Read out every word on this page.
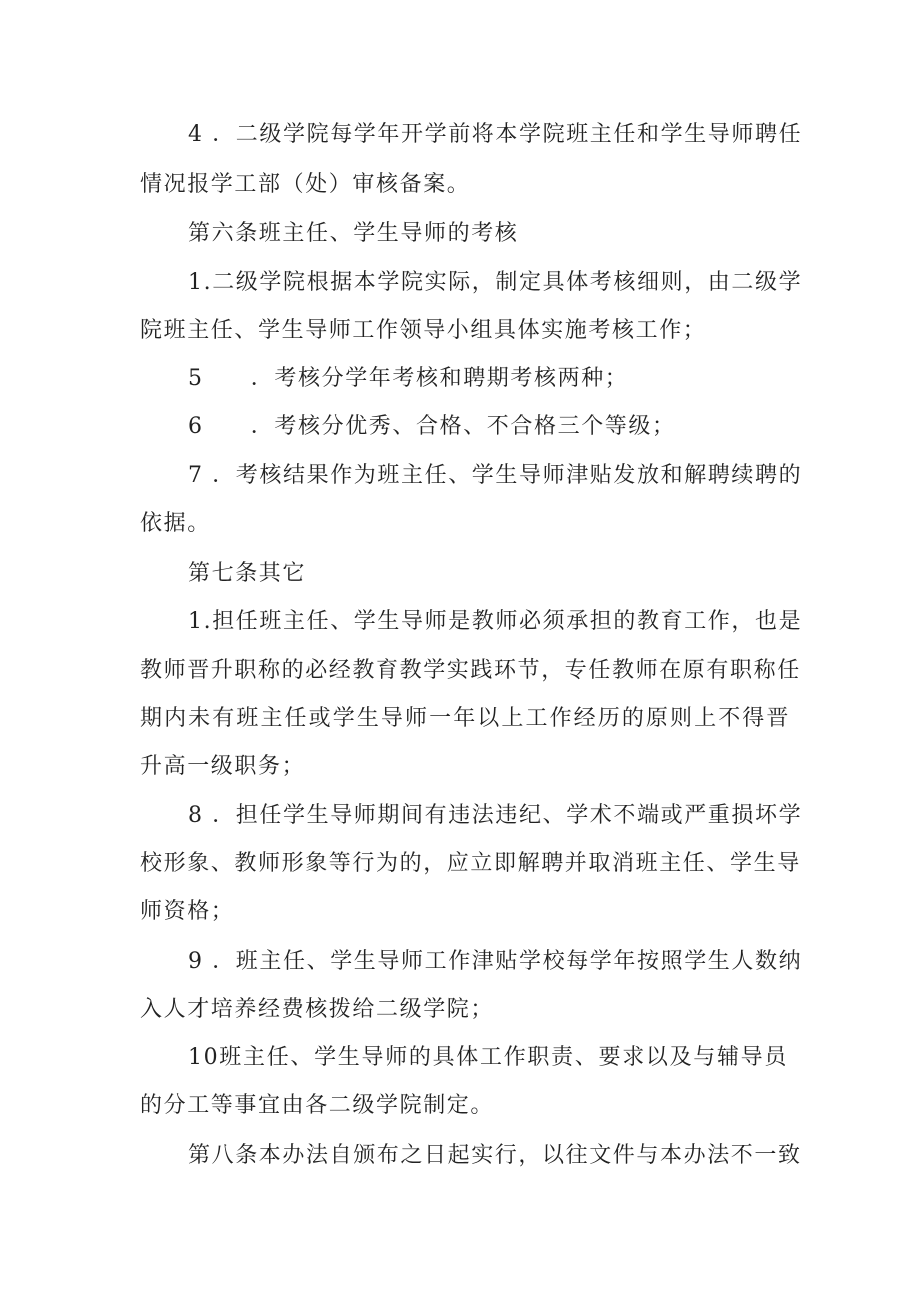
4 ．二级学院每学年开学前将本学院班主任和学生导师聘任
情况报学工部（处）审核备案。
第六条班主任、学生导师的考核
1.二级学院根据本学院实际，制定具体考核细则，由二级学
院班主任、学生导师工作领导小组具体实施考核工作；
5　　．考核分学年考核和聘期考核两种；
6　　．考核分优秀、合格、不合格三个等级；
7 ．考核结果作为班主任、学生导师津贴发放和解聘续聘的
依据。
第七条其它
1.担任班主任、学生导师是教师必须承担的教育工作，也是
教师晋升职称的必经教育教学实践环节，专任教师在原有职称任
期内未有班主任或学生导师一年以上工作经历的原则上不得晋
升高一级职务；
8 ．担任学生导师期间有违法违纪、学术不端或严重损坏学
校形象、教师形象等行为的，应立即解聘并取消班主任、学生导
师资格；
9 ．班主任、学生导师工作津贴学校每学年按照学生人数纳
入人才培养经费核拨给二级学院；
10班主任、学生导师的具体工作职责、要求以及与辅导员
的分工等事宜由各二级学院制定。
第八条本办法自颁布之日起实行，以往文件与本办法不一致
